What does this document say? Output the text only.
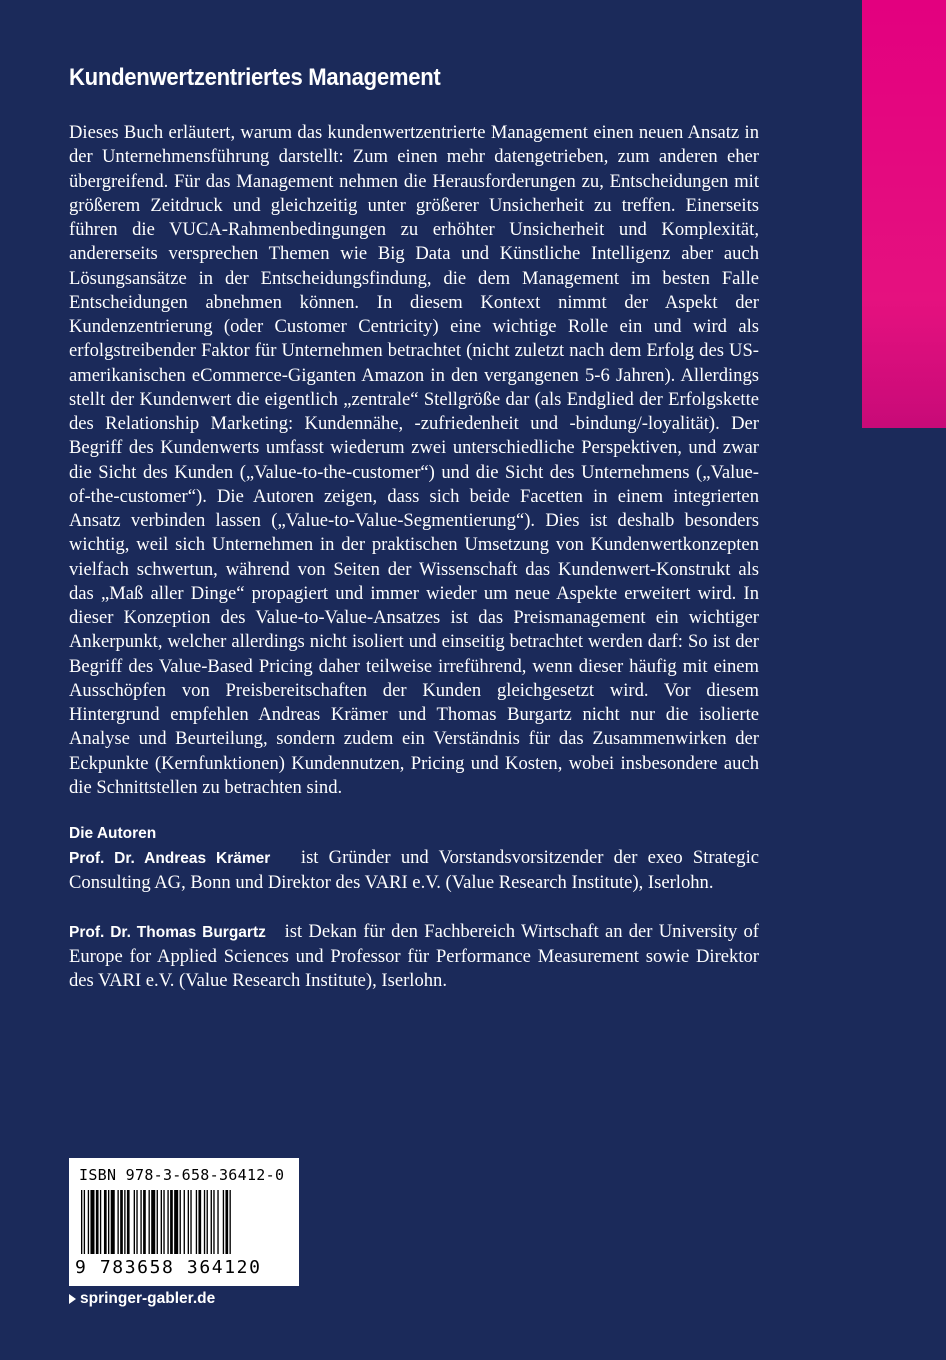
Kundenwertzentriertes Management

Dieses Buch erläutert, warum das kundenwertzentrierte Management einen neuen Ansatz in der Unternehmensführung darstellt: Zum einen mehr datengetrieben, zum anderen eher übergreifend. Für das Management nehmen die Herausforderungen zu, Entscheidungen mit größerem Zeitdruck und gleichzeitig unter größerer Unsicherheit zu treffen. Einerseits führen die VUCA-Rahmenbedingungen zu erhöhter Unsicherheit und Komplexität, andererseits versprechen Themen wie Big Data und Künstliche Intelligenz aber auch Lösungsansätze in der Entscheidungsfindung, die dem Management im besten Falle Entscheidungen abnehmen können. In diesem Kontext nimmt der Aspekt der Kundenzentrierung (oder Customer Centricity) eine wichtige Rolle ein und wird als erfolgstreibender Faktor für Unternehmen betrachtet (nicht zuletzt nach dem Erfolg des US-amerikanischen eCommerce-Giganten Amazon in den vergangenen 5-6 Jahren). Allerdings stellt der Kundenwert die eigentlich „zentrale“ Stellgröße dar (als Endglied der Erfolgskette des Relationship Marketing: Kundennähe, -zufriedenheit und -bindung/-loyalität). Der Begriff des Kundenwerts umfasst wiederum zwei unterschiedliche Perspektiven, und zwar die Sicht des Kunden („Value-to-the-customer“) und die Sicht des Unternehmens („Value-of-the-customer“). Die Autoren zeigen, dass sich beide Facetten in einem integrierten Ansatz verbinden lassen („Value-to-Value-Segmentierung“). Dies ist deshalb besonders wichtig, weil sich Unternehmen in der praktischen Umsetzung von Kundenwertkonzepten vielfach schwertun, während von Seiten der Wissenschaft das Kundenwert-Konstrukt als das „Maß aller Dinge“ propagiert und immer wieder um neue Aspekte erweitert wird. In dieser Konzeption des Value-to-Value-Ansatzes ist das Preismanagement ein wichtiger Ankerpunkt, welcher allerdings nicht isoliert und einseitig betrachtet werden darf: So ist der Begriff des Value-Based Pricing daher teilweise irreführend, wenn dieser häufig mit einem Ausschöpfen von Preisbereitschaften der Kunden gleichgesetzt wird. Vor diesem Hintergrund empfehlen Andreas Krämer und Thomas Burgartz nicht nur die isolierte Analyse und Beurteilung, sondern zudem ein Verständnis für das Zusammenwirken der Eckpunkte (Kernfunktionen) Kundennutzen, Pricing und Kosten, wobei insbesondere auch die Schnittstellen zu betrachten sind.

Die Autoren

Prof. Dr. Andreas Krämer ist Gründer und Vorstandsvorsitzender der exeo Strategic Consulting AG, Bonn und Direktor des VARI e.V. (Value Research Institute), Iserlohn.

Prof. Dr. Thomas Burgartz ist Dekan für den Fachbereich Wirtschaft an der University of Europe for Applied Sciences und Professor für Performance Measurement sowie Direktor des VARI e.V. (Value Research Institute), Iserlohn.

ISBN 978-3-658-36412-0
9 783658 364120
springer-gabler.de
